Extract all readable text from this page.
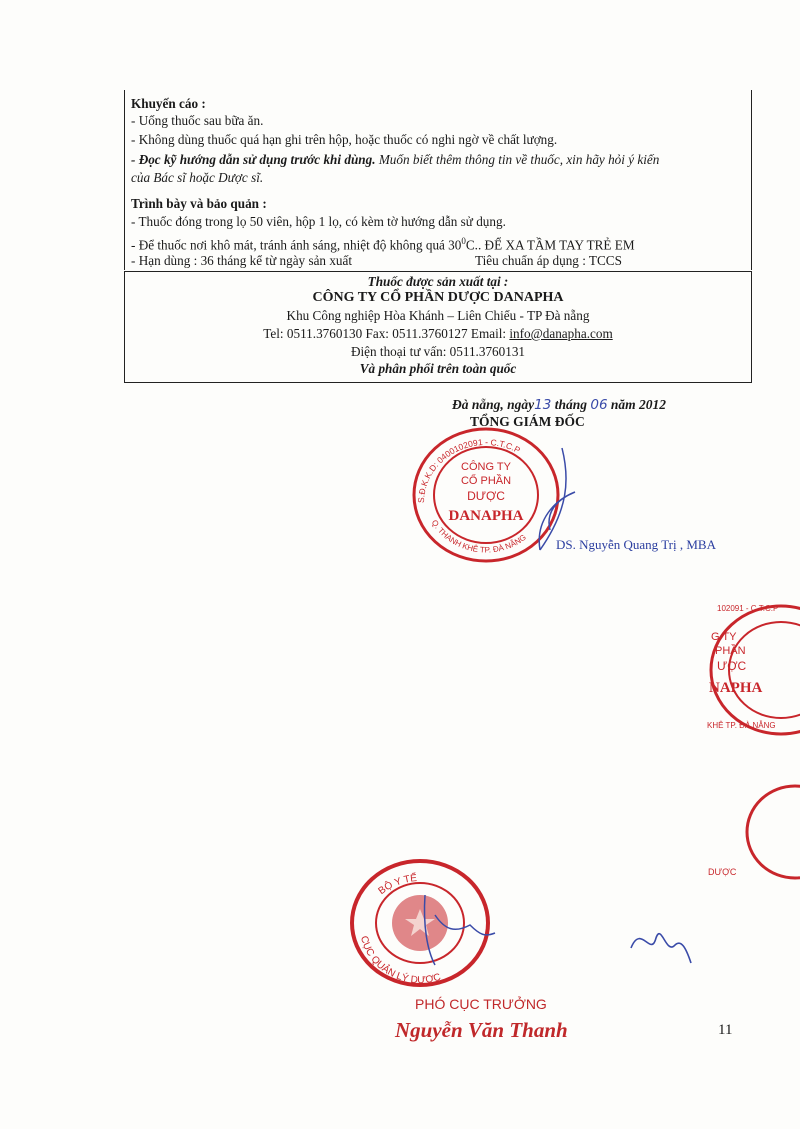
Khuyến cáo :
- Uống thuốc sau bữa ăn.
- Không dùng thuốc quá hạn ghi trên hộp, hoặc thuốc có nghi ngờ về chất lượng.
- Đọc kỹ hướng dẫn sử dụng trước khi dùng. Muốn biết thêm thông tin về thuốc, xin hãy hỏi ý kiến
của Bác sĩ hoặc Dược sĩ.
Trình bày và bảo quản :
- Thuốc đóng trong lọ 50 viên, hộp 1 lọ, có kèm tờ hướng dẫn sử dụng.
- Để thuốc nơi khô mát, tránh ánh sáng, nhiệt độ không quá $30^0C$.. ĐỂ XA TẦM TAY TRẺ EM
- Hạn dùng : 36 tháng kể từ ngày sản xuất	Tiêu chuẩn áp dụng : TCCS
Thuốc được sản xuất tại :
CÔNG TY CỔ PHẦN DƯỢC DANAPHA
Khu Công nghiệp Hòa Khánh – Liên Chiểu - TP Đà nẵng
Tel: 0511.3760130 Fax: 0511.3760127 Email: info@danapha.com
Điện thoại tư vấn: 0511.3760131
Và phân phối trên toàn quốc
Đà nẵng, ngày13 tháng 06 năm 2012
TỔNG GIÁM ĐỐC
CÔNG TY
CỔ PHẦN
DƯỢC
DANAPHA
S.Đ.K.K.D: 0400102091 - C.T.C.P
Q. THANH KHÊ TP. ĐÀ NẴNG DS. Nguyễn Quang Trị , MBA
G TY
PHẦN
ƯỢC
NAPHA
102091 - C.T.C.P
KHÊ TP. ĐÀ NẴNG
DƯỢC
BỘ Y TẾ
CỤC QUẢN LÝ DƯỢC
PHÓ CỤC TRƯỞNG
Nguyễn Văn Thanh	11
